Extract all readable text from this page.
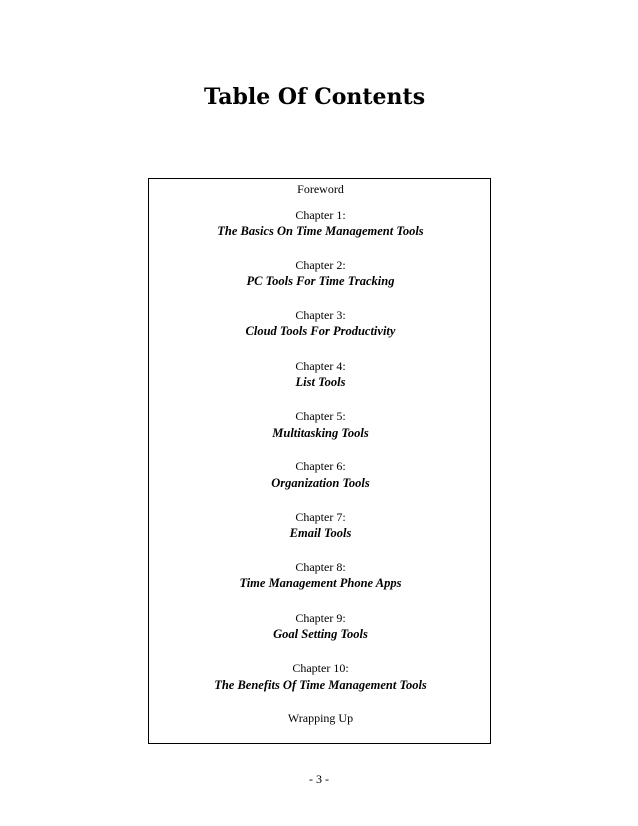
Table Of Contents
Foreword
Chapter 1:
The Basics On Time Management Tools
Chapter 2:
PC Tools For Time Tracking
Chapter 3:
Cloud Tools For Productivity
Chapter 4:
List Tools
Chapter 5:
Multitasking Tools
Chapter 6:
Organization Tools
Chapter 7:
Email Tools
Chapter 8:
Time Management Phone Apps
Chapter 9:
Goal Setting Tools
Chapter 10:
The Benefits Of Time Management Tools
Wrapping Up
- 3 -
